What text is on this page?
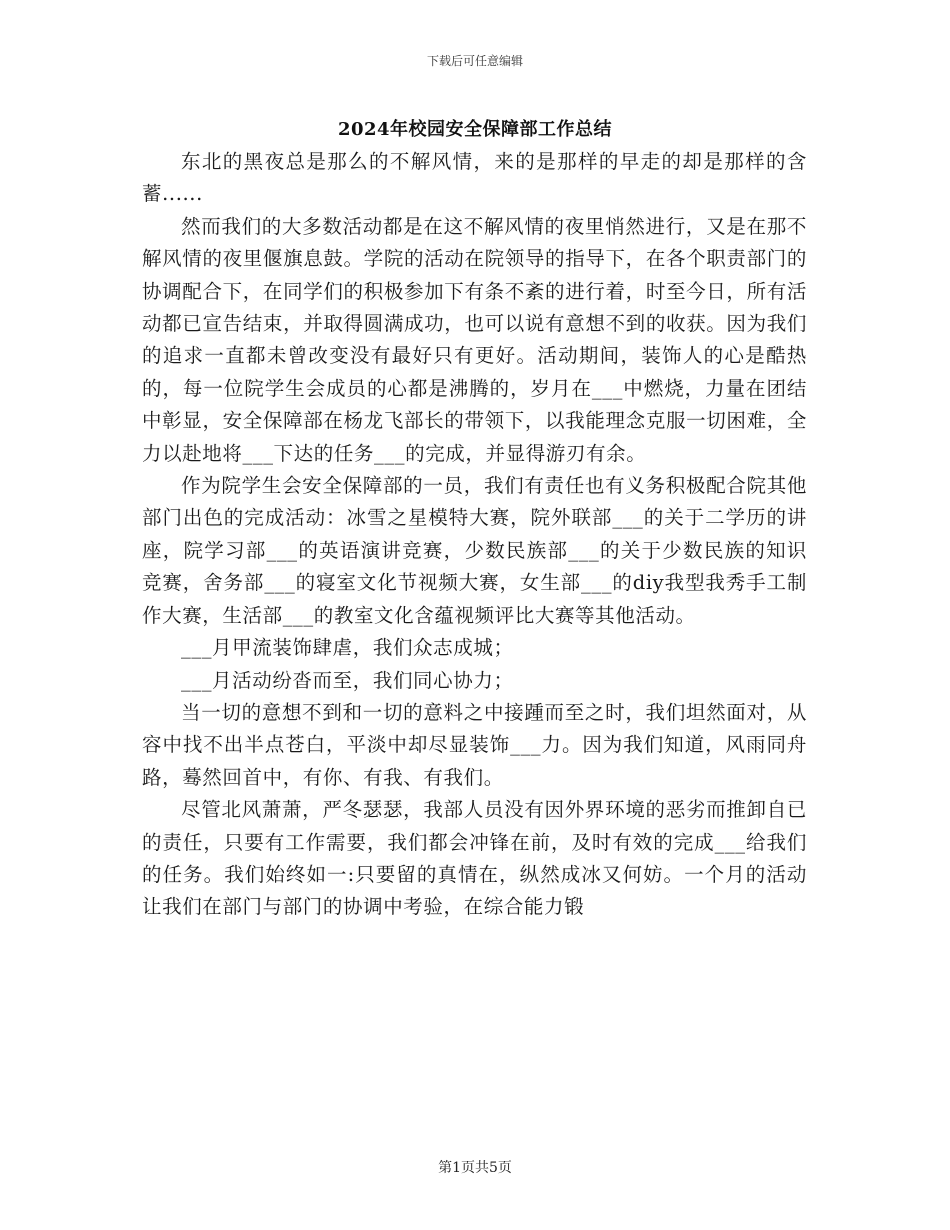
下载后可任意编辑
2024年校园安全保障部工作总结

东北的黑夜总是那么的不解风情，来的是那样的早走的却是那样的含蓄......

然而我们的大多数活动都是在这不解风情的夜里悄然进行，又是在那不解风情的夜里偃旗息鼓。学院的活动在院领导的指导下，在各个职责部门的协调配合下，在同学们的积极参加下有条不紊的进行着，时至今日，所有活动都已宣告结束，并取得圆满成功，也可以说有意想不到的收获。因为我们的追求一直都未曾改变没有最好只有更好。活动期间，装饰人的心是酷热的，每一位院学生会成员的心都是沸腾的，岁月在___中燃烧，力量在团结中彰显，安全保障部在杨龙飞部长的带领下，以我能理念克服一切困难，全力以赴地将___下达的任务___的完成，并显得游刃有余。

作为院学生会安全保障部的一员，我们有责任也有义务积极配合院其他部门出色的完成活动：冰雪之星模特大赛，院外联部___的关于二学历的讲座，院学习部___的英语演讲竞赛，少数民族部___的关于少数民族的知识竞赛，舍务部___的寝室文化节视频大赛，女生部___的diy我型我秀手工制作大赛，生活部___的教室文化含蕴视频评比大赛等其他活动。

___月甲流装饰肆虐，我们众志成城；

___月活动纷沓而至，我们同心协力；

当一切的意想不到和一切的意料之中接踵而至之时，我们坦然面对，从容中找不出半点苍白，平淡中却尽显装饰___力。因为我们知道，风雨同舟路，蓦然回首中，有你、有我、有我们。

尽管北风萧萧，严冬瑟瑟，我部人员没有因外界环境的恶劣而推卸自已的责任，只要有工作需要，我们都会冲锋在前，及时有效的完成___给我们的任务。我们始终如一:只要留的真情在，纵然成冰又何妨。一个月的活动让我们在部门与部门的协调中考验，在综合能力锻

第1页共5页
